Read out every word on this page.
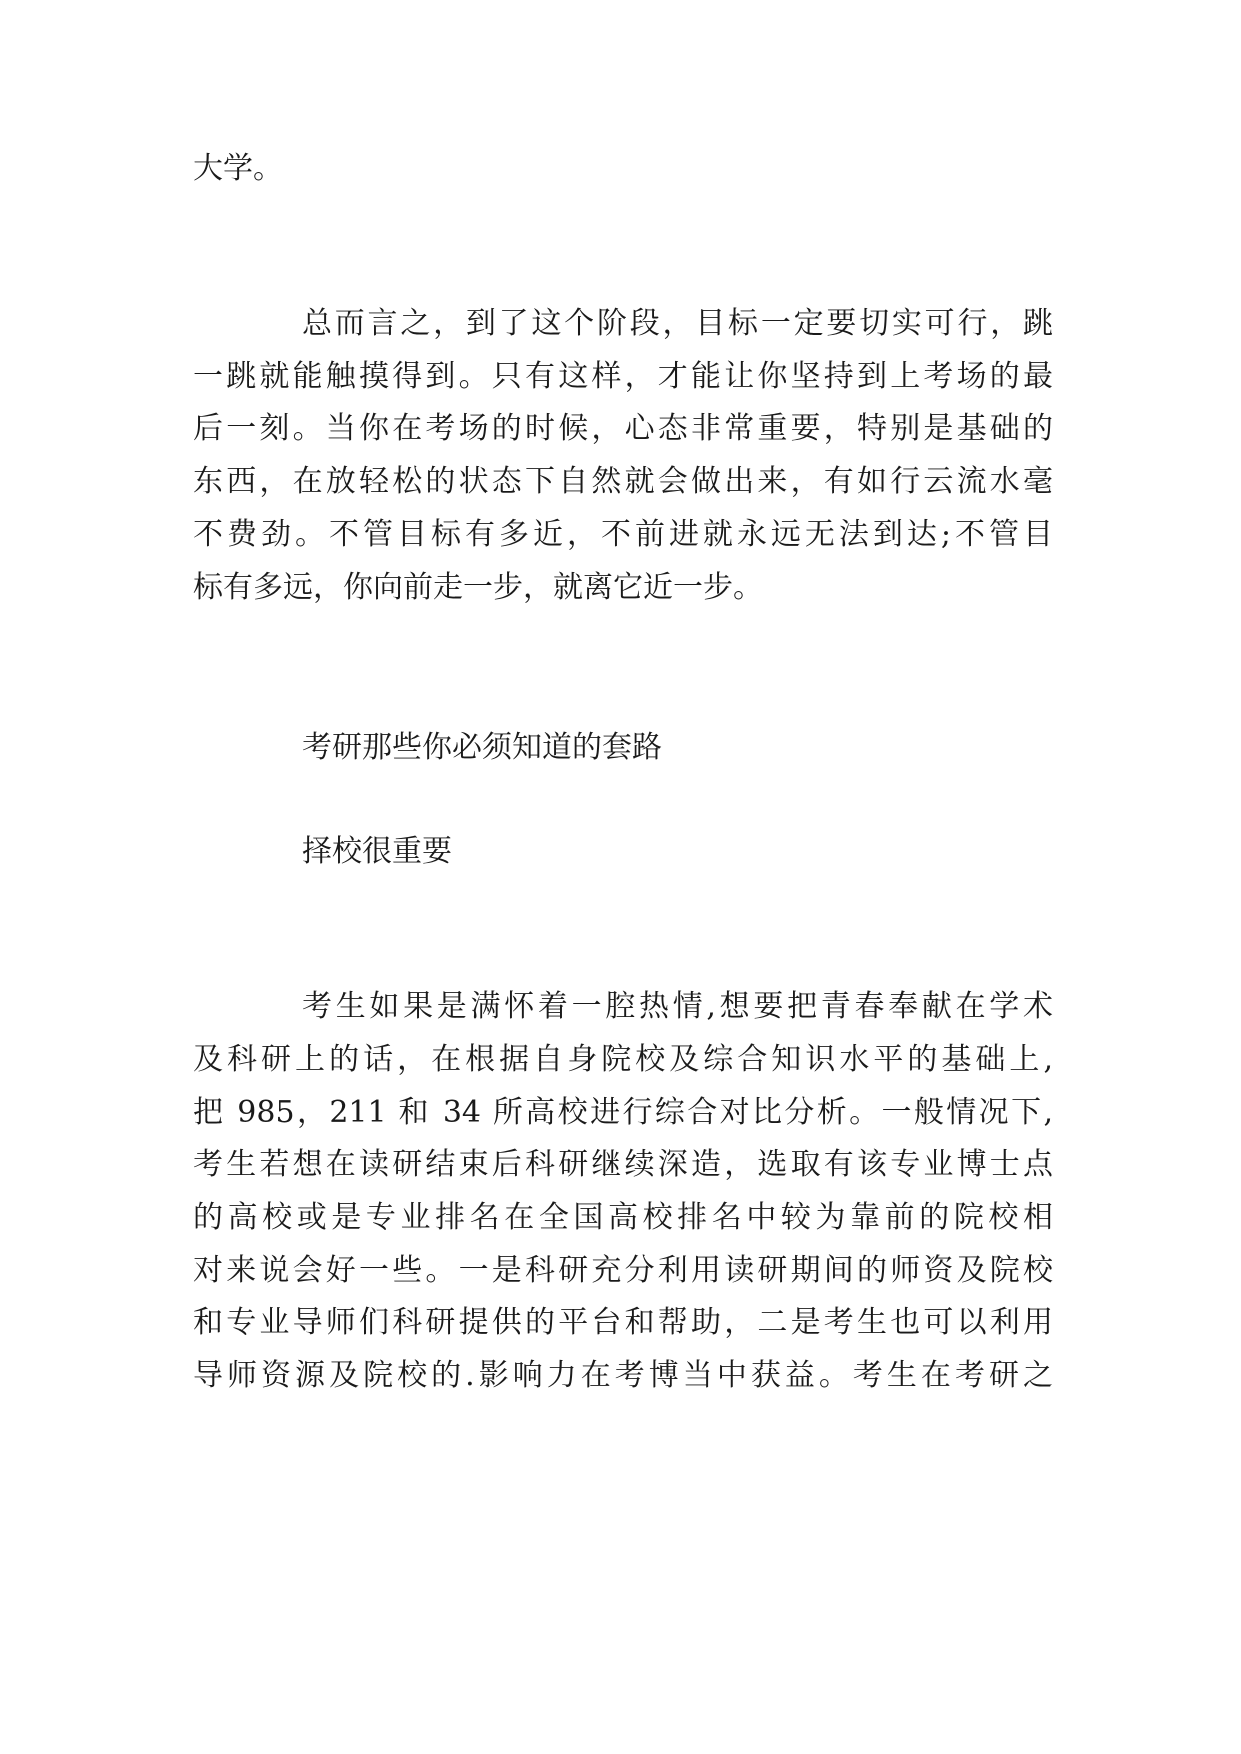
大学。
总而言之，到了这个阶段，目标一定要切实可行，跳
一跳就能触摸得到。只有这样，才能让你坚持到上考场的最
后一刻。当你在考场的时候，心态非常重要，特别是基础的
东西，在放轻松的状态下自然就会做出来，有如行云流水毫
不费劲。不管目标有多近，不前进就永远无法到达;不管目
标有多远，你向前走一步，就离它近一步。
考研那些你必须知道的套路
择校很重要
考生如果是满怀着一腔热情,想要把青春奉献在学术
及科研上的话，在根据自身院校及综合知识水平的基础上,
把 985，211 和 34 所高校进行综合对比分析。一般情况下,
考生若想在读研结束后科研继续深造，选取有该专业博士点
的高校或是专业排名在全国高校排名中较为靠前的院校相
对来说会好一些。一是科研充分利用读研期间的师资及院校
和专业导师们科研提供的平台和帮助，二是考生也可以利用
导师资源及院校的.影响力在考博当中获益。考生在考研之
